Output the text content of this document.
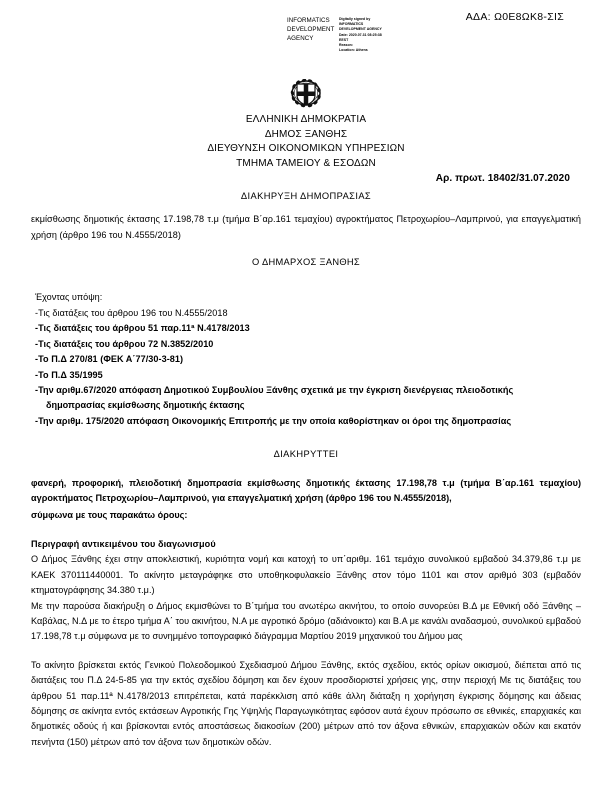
ΑΔΑ: Ω0Ε8ΩΚ8-ΣΙΣ
INFORMATICS DEVELOPMENT AGENCY
Digitally signed by
INFORMATICS
DEVELOPMENT AGENCY
Date: 2020.07.31 08:25:38
EEST
Reason:
Location: Athens
ΕΛΛΗΝΙΚΗ ΔΗΜΟΚΡΑΤΙΑ
ΔΗΜΟΣ ΞΑΝΘΗΣ
ΔΙΕΥΘΥΝΣΗ ΟΙΚΟΝΟΜΙΚΩΝ ΥΠΗΡΕΣΙΩΝ
ΤΜΗΜΑ ΤΑΜΕΙΟΥ & ΕΣΟΔΩΝ
Αρ. πρωτ. 18402/31.07.2020
ΔΙΑΚΗΡΥΞΗ ΔΗΜΟΠΡΑΣΙΑΣ
εκμίσθωσης δημοτικής έκτασης 17.198,78 τ.μ (τμήμα Β΄αρ.161 τεμαχίου) αγροκτήματος Πετροχωρίου–Λαμπρινού, για επαγγελματική χρήση (άρθρο 196 του Ν.4555/2018)
Ο ΔΗΜΑΡΧΟΣ ΞΑΝΘΗΣ
Έχοντας υπόψη:
-Τις διατάξεις του άρθρου 196 του Ν.4555/2018
-Τις διατάξεις του άρθρου 51 παρ.11ª Ν.4178/2013
-Τις διατάξεις του άρθρου 72 Ν.3852/2010
-Το Π.Δ 270/81 (ΦΕΚ Α΄77/30-3-81)
-Το Π.Δ 35/1995
-Την αριθμ.67/2020 απόφαση Δημοτικού Συμβουλίου Ξάνθης σχετικά με την έγκριση διενέργειας πλειοδοτικής
δημοπρασίας εκμίσθωσης δημοτικής έκτασης
-Την αριθμ. 175/2020 απόφαση Οικονομικής Επιτροπής με την οποία καθορίστηκαν οι όροι της δημοπρασίας
ΔΙΑΚΗΡΥΤΤΕΙ
φανερή, προφορική, πλειοδοτική δημοπρασία εκμίσθωσης δημοτικής έκτασης 17.198,78 τ.μ (τμήμα Β΄αρ.161 τεμαχίου) αγροκτήματος Πετροχωρίου–Λαμπρινού, για επαγγελματική χρήση (άρθρο 196 του Ν.4555/2018),
σύμφωνα με τους παρακάτω όρους:
Περιγραφή αντικειμένου του διαγωνισμού
Ο Δήμος Ξάνθης έχει στην αποκλειστική, κυριότητα νομή και κατοχή το υπ΄αριθμ. 161 τεμάχιο συνολικού εμβαδού 34.379,86 τ.μ με ΚΑΕΚ 370111440001. Το ακίνητο μεταγράφηκε στο υποθηκοφυλακείο Ξάνθης στον τόμο 1101 και στον αριθμό 303 (εμβαδόν κτηματογράφησης 34.380 τ.μ.)
Με την παρούσα διακήρυξη ο Δήμος εκμισθώνει το Β΄τμήμα του ανωτέρω ακινήτου, το οποίο συνορεύει Β.Δ με Εθνική οδό Ξάνθης –Καβάλας, Ν.Δ με το έτερο τμήμα Α΄ του ακινήτου, Ν.Α με αγροτικό δρόμο (αδιάνοικτο) και Β.Α με κανάλι αναδασμού, συνολικού εμβαδού 17.198,78 τ.μ σύμφωνα με το συνημμένο τοπογραφικό διάγραμμα Μαρτίου 2019 μηχανικού του Δήμου μας
Το ακίνητο βρίσκεται εκτός Γενικού Πολεοδομικού Σχεδιασμού Δήμου Ξάνθης, εκτός σχεδίου, εκτός ορίων οικισμού, διέπεται από τις διατάξεις του Π.Δ 24-5-85 για την εκτός σχεδίου δόμηση και δεν έχουν προσδιοριστεί χρήσεις γης, στην περιοχή Με τις διατάξεις του άρθρου 51 παρ.11ª Ν.4178/2013 επιτρέπεται, κατά παρέκκλιση από κάθε άλλη διάταξη η χορήγηση έγκρισης δόμησης και άδειας δόμησης σε ακίνητα εντός εκτάσεων Αγροτικής Γης Υψηλής Παραγωγικότητας εφόσον αυτά έχουν πρόσωπο σε εθνικές, επαρχιακές και δημοτικές οδούς ή και βρίσκονται εντός αποστάσεως διακοσίων (200) μέτρων από τον άξονα εθνικών, επαρχιακών οδών και εκατόν πενήντα (150) μέτρων από τον άξονα των δημοτικών οδών.
